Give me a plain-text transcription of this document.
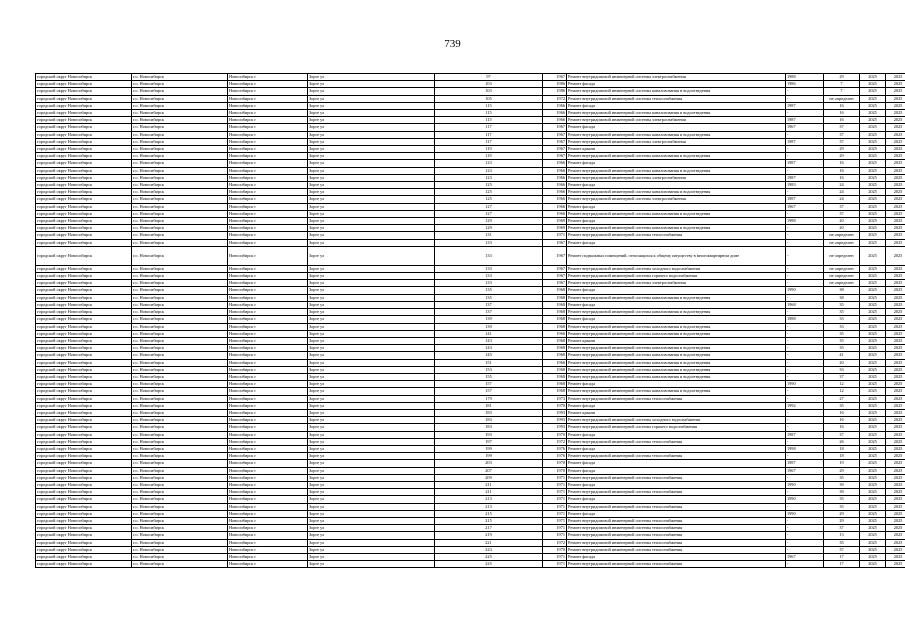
739
городской округ Новосибирск	г.о. Новосибирск	Новосибирск г	Зорге ул	97	1967	Ремонт внутридомовой инженерной системы электроснабжения	1988	29	2025	2025
городской округ Новосибирск	г.о. Новосибирск	Новосибирск г	Зорге ул	103	1986	Ремонт фасада	1986	7	2025	2025
городской округ Новосибирск	г.о. Новосибирск	Новосибирск г	Зорге ул	103	1986	Ремонт внутридомовой инженерной системы канализования и водоотведения	-	7	2025	2025
городской округ Новосибирск	г.о. Новосибирск	Новосибирск г	Зорге ул	105	1972	Ремонт внутридомовой инженерной системы теплоснабжения	-	не определен	2025	2025
городской округ Новосибирск	г.о. Новосибирск	Новосибирск г	Зорге ул	115	1966	Ремонт фасада	1987	16	2025	2025
городской округ Новосибирск	г.о. Новосибирск	Новосибирск г	Зорге ул	115	1966	Ремонт внутридомовой инженерной системы канализования и водоотведения	-	16	2025	2025
городской округ Новосибирск	г.о. Новосибирск	Новосибирск г	Зорге ул	115	1966	Ремонт внутридомовой инженерной системы электроснабжения	1987	16	2025	2025
городской округ Новосибирск	г.о. Новосибирск	Новосибирск г	Зорге ул	117	1967	Ремонт фасада	1967	37	2025	2025
городской округ Новосибирск	г.о. Новосибирск	Новосибирск г	Зорге ул	117	1967	Ремонт внутридомовой инженерной системы канализования и водоотведения	-	37	2025	2025
городской округ Новосибирск	г.о. Новосибирск	Новосибирск г	Зорге ул	117	1967	Ремонт внутридомовой инженерной системы электроснабжения	1987	37	2025	2025
городской округ Новосибирск	г.о. Новосибирск	Новосибирск г	Зорге ул	119	1967	Ремонт крыши	-	29	2025	2025
городской округ Новосибирск	г.о. Новосибирск	Новосибирск г	Зорге ул	119	1967	Ремонт внутридомовой инженерной системы канализования и водоотведения	-	29	2025	2025
городской округ Новосибирск	г.о. Новосибирск	Новосибирск г	Зорге ул	123	1966	Ремонт фасада	1987	16	2025	2025
городской округ Новосибирск	г.о. Новосибирск	Новосибирск г	Зорге ул	123	1966	Ремонт внутридомовой инженерной системы канализования и водоотведения	-	16	2025	2025
городской округ Новосибирск	г.о. Новосибирск	Новосибирск г	Зорге ул	123	1966	Ремонт внутридомовой инженерной системы электроснабжения	1987	16	2025	2025
городской округ Новосибирск	г.о. Новосибирск	Новосибирск г	Зорге ул	125	1966	Ремонт фасада	1983	24	2025	2025
городской округ Новосибирск	г.о. Новосибирск	Новосибирск г	Зорге ул	125	1966	Ремонт внутридомовой инженерной системы канализования и водоотведения	-	24	2025	2025
городской округ Новосибирск	г.о. Новосибирск	Новосибирск г	Зорге ул	125	1966	Ремонт внутридомовой инженерной системы электроснабжения	1987	24	2025	2025
городской округ Новосибирск	г.о. Новосибирск	Новосибирск г	Зорге ул	127	1966	Ремонт фасада	1967	37	2025	2025
городской округ Новосибирск	г.о. Новосибирск	Новосибирск г	Зорге ул	127	1966	Ремонт внутридомовой инженерной системы канализования и водоотведения	-	37	2025	2025
городской округ Новосибирск	г.о. Новосибирск	Новосибирск г	Зорге ул	129	1969	Ремонт фасада	1988	20	2025	2025
городской округ Новосибирск	г.о. Новосибирск	Новосибирск г	Зорге ул	129	1969	Ремонт внутридомовой инженерной системы канализования и водоотведения	-	20	2025	2025
городской округ Новосибирск	г.о. Новосибирск	Новосибирск г	Зорге ул	131	1971	Ремонт внутридомовой инженерной системы теплоснабжения	-	не определен	2025	2025
городской округ Новосибирск	г.о. Новосибирск	Новосибирск г	Зорге ул	133	1967	Ремонт фасада	-	не определен	2025	2025
городской округ Новосибирск	г.о. Новосибирск	Новосибирск г	Зорге ул	133	1967	Ремонт подвальных помещений, относящихся к общему имуществу в многоквартирном доме	-	не определен	2025	2025
городской округ Новосибирск	г.о. Новосибирск	Новосибирск г	Зорге ул	133	1967	Ремонт внутридомовой инженерной системы холодного водоснабжения	-	не определен	2025	2025
городской округ Новосибирск	г.о. Новосибирск	Новосибирск г	Зорге ул	133	1967	Ремонт внутридомовой инженерной системы горячего водоснабжения	-	не определен	2025	2025
городской округ Новосибирск	г.о. Новосибирск	Новосибирск г	Зорге ул	133	1967	Ремонт внутридомовой инженерной системы электроснабжения	-	не определен	2025	2025
городской округ Новосибирск	г.о. Новосибирск	Новосибирск г	Зорге ул	135	1968	Ремонт фасада	1990	38	2025	2025
городской округ Новосибирск	г.о. Новосибирск	Новосибирск г	Зорге ул	135	1968	Ремонт внутридомовой инженерной системы канализования и водоотведения	-	38	2025	2025
городской округ Новосибирск	г.о. Новосибирск	Новосибирск г	Зорге ул	137	1968	Ремонт фасада	1968	35	2025	2025
городской округ Новосибирск	г.о. Новосибирск	Новосибирск г	Зорге ул	137	1968	Ремонт внутридомовой инженерной системы канализования и водоотведения	-	35	2025	2025
городской округ Новосибирск	г.о. Новосибирск	Новосибирск г	Зорге ул	139	1968	Ремонт фасада	1988	33	2025	2025
городской округ Новосибирск	г.о. Новосибирск	Новосибирск г	Зорге ул	139	1968	Ремонт внутридомовой инженерной системы канализования и водоотведения	-	33	2025	2025
городской округ Новосибирск	г.о. Новосибирск	Новосибирск г	Зорге ул	141	1966	Ремонт внутридомовой инженерной системы канализования и водоотведения	-	35	2025	2025
городской округ Новосибирск	г.о. Новосибирск	Новосибирск г	Зорге ул	143	1968	Ремонт крыши	-	35	2025	2025
городской округ Новосибирск	г.о. Новосибирск	Новосибирск г	Зорге ул	143	1968	Ремонт внутридомовой инженерной системы канализования и водоотведения	-	35	2025	2025
городской округ Новосибирск	г.о. Новосибирск	Новосибирск г	Зорге ул	145	1968	Ремонт внутридомовой инженерной системы канализования и водоотведения	-	41	2025	2025
городской округ Новосибирск	г.о. Новосибирск	Новосибирск г	Зорге ул	151	1966	Ремонт внутридомовой инженерной системы канализования и водоотведения	-	20	2025	2025
городской округ Новосибирск	г.о. Новосибирск	Новосибирск г	Зорге ул	153	1968	Ремонт внутридомовой инженерной системы канализования и водоотведения	-	33	2025	2025
городской округ Новосибирск	г.о. Новосибирск	Новосибирск г	Зорге ул	155	1968	Ремонт внутридомовой инженерной системы канализования и водоотведения	-	37	2025	2025
городской округ Новосибирск	г.о. Новосибирск	Новосибирск г	Зорге ул	157	1968	Ремонт фасада	1990	12	2025	2025
городской округ Новосибирск	г.о. Новосибирск	Новосибирск г	Зорге ул	157	1968	Ремонт внутридомовой инженерной системы канализования и водоотведения	-	12	2025	2025
городской округ Новосибирск	г.о. Новосибирск	Новосибирск г	Зорге ул	179	1973	Ремонт внутридомовой инженерной системы теплоснабжения	-	27	2025	2025
городской округ Новосибирск	г.о. Новосибирск	Новосибирск г	Зорге ул	181	1970	Ремонт фасада	1992	35	2025	2025
городской округ Новосибирск	г.о. Новосибирск	Новосибирск г	Зорге ул	183	1993	Ремонт крыши	-	16	2025	2025
городской округ Новосибирск	г.о. Новосибирск	Новосибирск г	Зорге ул	183	1993	Ремонт внутридомовой инженерной системы холодного водоснабжения	-	16	2025	2025
городской округ Новосибирск	г.о. Новосибирск	Новосибирск г	Зорге ул	183	1993	Ремонт внутридомовой инженерной системы горячего водоснабжения	-	16	2025	2025
городской округ Новосибирск	г.о. Новосибирск	Новосибирск г	Зорге ул	193	1970	Ремонт фасада	1987	37	2025	2025
городской округ Новосибирск	г.о. Новосибирск	Новосибирск г	Зорге ул	197	1972	Ремонт внутридомовой инженерной системы теплоснабжения	-	26	2025	2025
городской округ Новосибирск	г.о. Новосибирск	Новосибирск г	Зорге ул	199	1976	Ремонт фасада	1998	18	2025	2025
городской округ Новосибирск	г.о. Новосибирск	Новосибирск г	Зорге ул	199	1976	Ремонт внутридомовой инженерной системы теплоснабжения	-	18	2025	2025
городской округ Новосибирск	г.о. Новосибирск	Новосибирск г	Зорге ул	203	1970	Ремонт фасада	1987	19	2025	2025
городской округ Новосибирск	г.о. Новосибирск	Новосибирск г	Зорге ул	207	1970	Ремонт фасада	1967	29	2025	2025
городской округ Новосибирск	г.о. Новосибирск	Новосибирск г	Зорге ул	209	1971	Ремонт внутридомовой инженерной системы теплоснабжения	-	35	2025	2025
городской округ Новосибирск	г.о. Новосибирск	Новосибирск г	Зорге ул	211	1971	Ремонт фасада	1990	39	2025	2025
городской округ Новосибирск	г.о. Новосибирск	Новосибирск г	Зорге ул	211	1971	Ремонт внутридомовой инженерной системы теплоснабжения	-	39	2025	2025
городской округ Новосибирск	г.о. Новосибирск	Новосибирск г	Зорге ул	213	1971	Ремонт фасада	1990	35	2025	2025
городской округ Новосибирск	г.о. Новосибирск	Новосибирск г	Зорге ул	213	1971	Ремонт внутридомовой инженерной системы теплоснабжения	-	35	2025	2025
городской округ Новосибирск	г.о. Новосибирск	Новосибирск г	Зорге ул	215	1971	Ремонт фасада	1990	29	2025	2025
городской округ Новосибирск	г.о. Новосибирск	Новосибирск г	Зорге ул	215	1971	Ремонт внутридомовой инженерной системы теплоснабжения	-	29	2025	2025
городской округ Новосибирск	г.о. Новосибирск	Новосибирск г	Зорге ул	217	1971	Ремонт внутридомовой инженерной системы теплоснабжения	-	37	2025	2025
городской округ Новосибирск	г.о. Новосибирск	Новосибирск г	Зорге ул	219	1971	Ремонт внутридомовой инженерной системы теплоснабжения	-	13	2025	2025
городской округ Новосибирск	г.о. Новосибирск	Новосибирск г	Зорге ул	221	1972	Ремонт внутридомовой инженерной системы теплоснабжения	-	35	2025	2025
городской округ Новосибирск	г.о. Новосибирск	Новосибирск г	Зорге ул	223	1970	Ремонт внутридомовой инженерной системы теплоснабжения	-	37	2025	2025
городской округ Новосибирск	г.о. Новосибирск	Новосибирск г	Зорге ул	225	1971	Ремонт фасада	1967	17	2025	2025
городской округ Новосибирск	г.о. Новосибирск	Новосибирск г	Зорге ул	225	1971	Ремонт внутридомовой инженерной системы теплоснабжения	-	17	2025	2025
